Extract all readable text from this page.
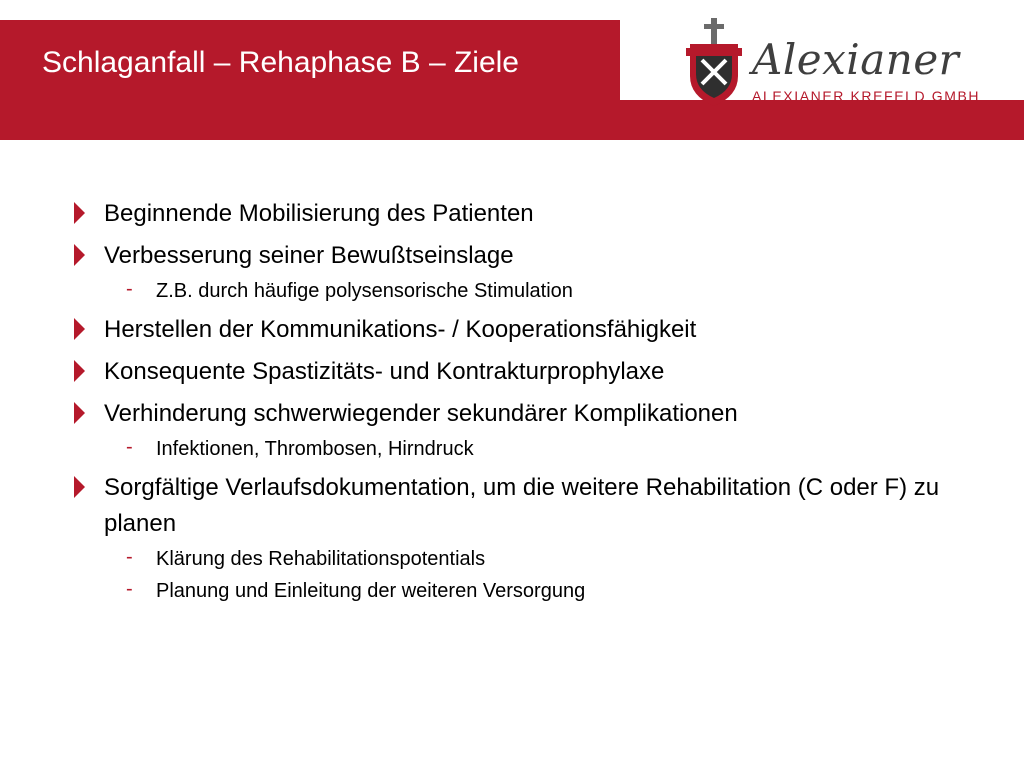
Schlaganfall – Rehaphase B – Ziele	Alexianer
ALEXIANER KREFELD GMBH
Beginnende Mobilisierung des Patienten
Verbesserung seiner Bewußtseinslage
- Z.B. durch häufige polysensorische Stimulation
Herstellen der Kommunikations- / Kooperationsfähigkeit
Konsequente Spastizitäts- und Kontrakturprophylaxe
Verhinderung schwerwiegender sekundärer Komplikationen
- Infektionen, Thrombosen, Hirndruck
Sorgfältige Verlaufsdokumentation, um die weitere Rehabilitation (C oder F) zu planen
- Klärung des Rehabilitationspotentials
- Planung und Einleitung der weiteren Versorgung
